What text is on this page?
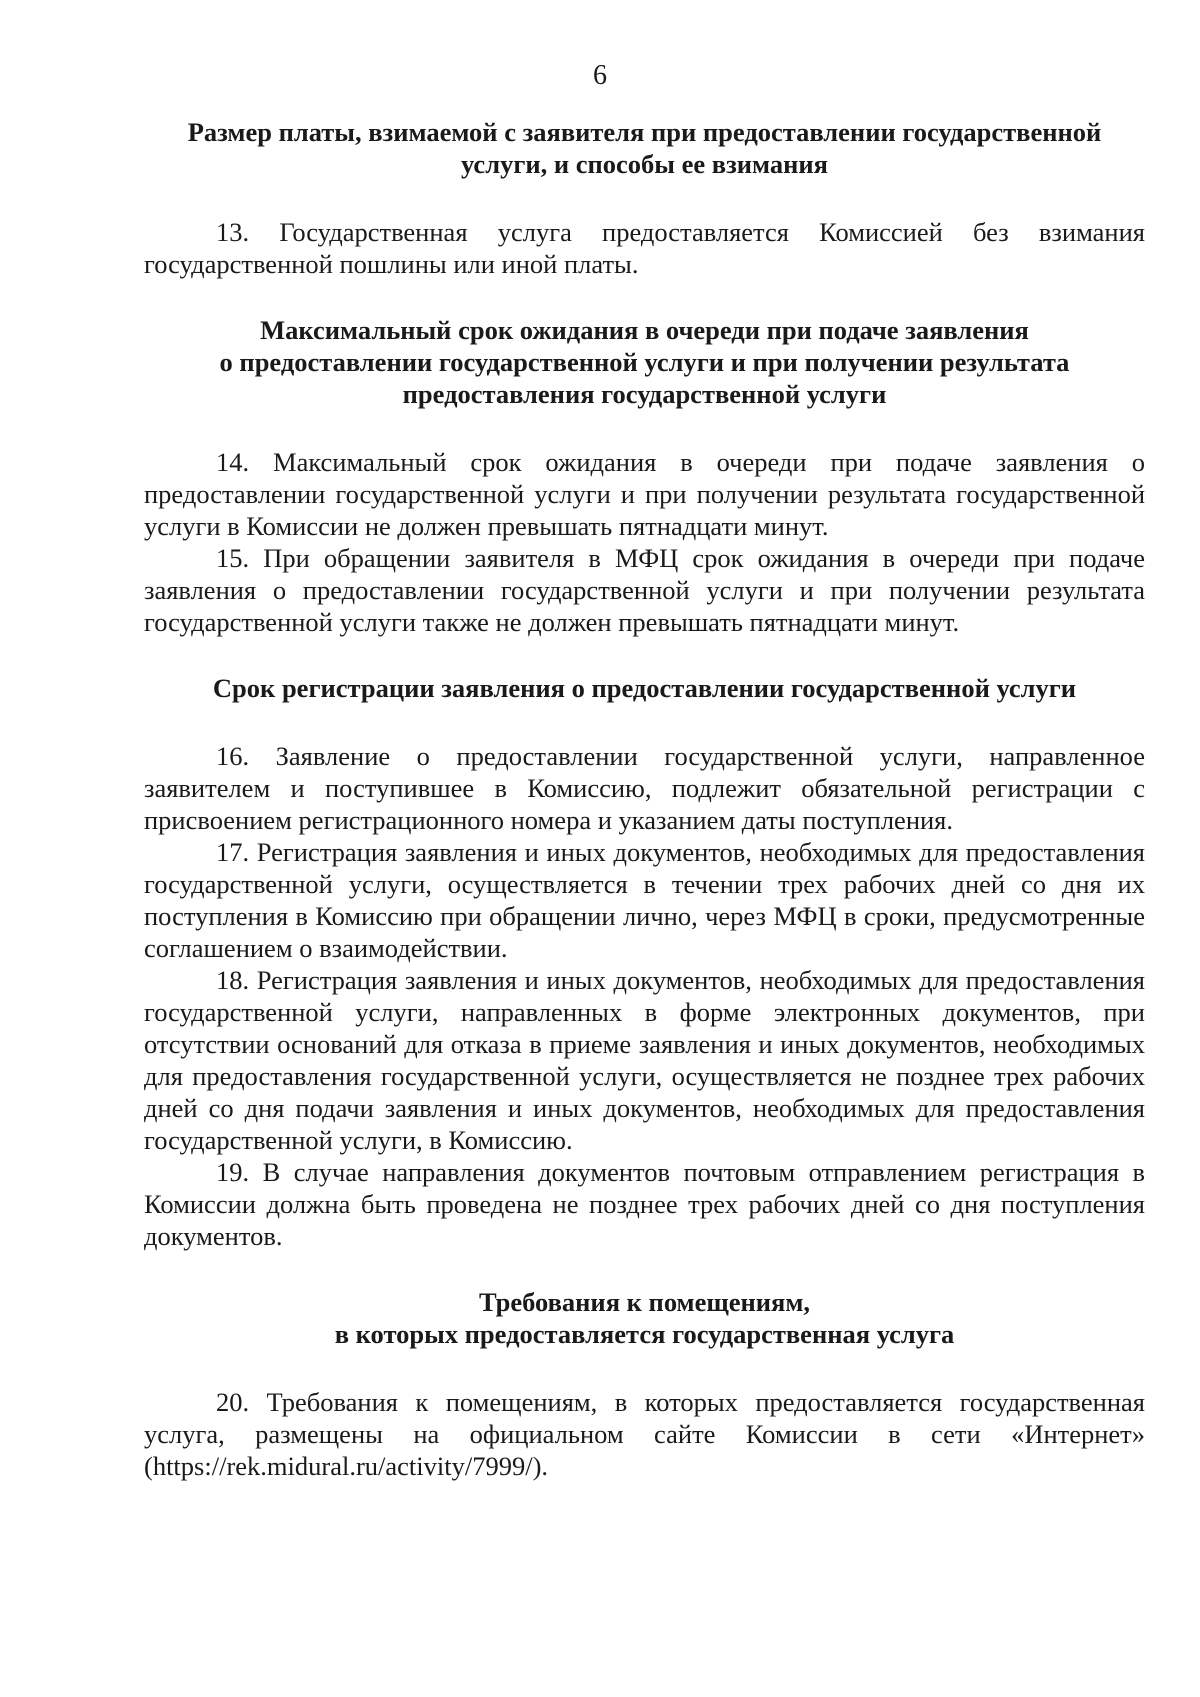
6
Размер платы, взимаемой с заявителя при предоставлении государственной
услуги, и способы ее взимания

13. Государственная услуга предоставляется Комиссией без взимания государственной пошлины или иной платы.

Максимальный срок ожидания в очереди при подаче заявления
о предоставлении государственной услуги и при получении результата
предоставления государственной услуги

14. Максимальный срок ожидания в очереди при подаче заявления о предоставлении государственной услуги и при получении результата государственной услуги в Комиссии не должен превышать пятнадцати минут.

15. При обращении заявителя в МФЦ срок ожидания в очереди при подаче заявления о предоставлении государственной услуги и при получении результата государственной услуги также не должен превышать пятнадцати минут.

Срок регистрации заявления о предоставлении государственной услуги

16. Заявление о предоставлении государственной услуги, направленное заявителем и поступившее в Комиссию, подлежит обязательной регистрации с присвоением регистрационного номера и указанием даты поступления.

17. Регистрация заявления и иных документов, необходимых для предоставления государственной услуги, осуществляется в течении трех рабочих дней со дня их поступления в Комиссию при обращении лично, через МФЦ в сроки, предусмотренные соглашением о взаимодействии.

18. Регистрация заявления и иных документов, необходимых для предоставления государственной услуги, направленных в форме электронных документов, при отсутствии оснований для отказа в приеме заявления и иных документов, необходимых для предоставления государственной услуги, осуществляется не позднее трех рабочих дней со дня подачи заявления и иных документов, необходимых для предоставления государственной услуги, в Комиссию.

19. В случае направления документов почтовым отправлением регистрация в Комиссии должна быть проведена не позднее трех рабочих дней со дня поступления документов.

Требования к помещениям,
в которых предоставляется государственная услуга

20. Требования к помещениям, в которых предоставляется государственная услуга, размещены на официальном сайте Комиссии в сети «Интернет» (https://rek.midural.ru/activity/7999/).
